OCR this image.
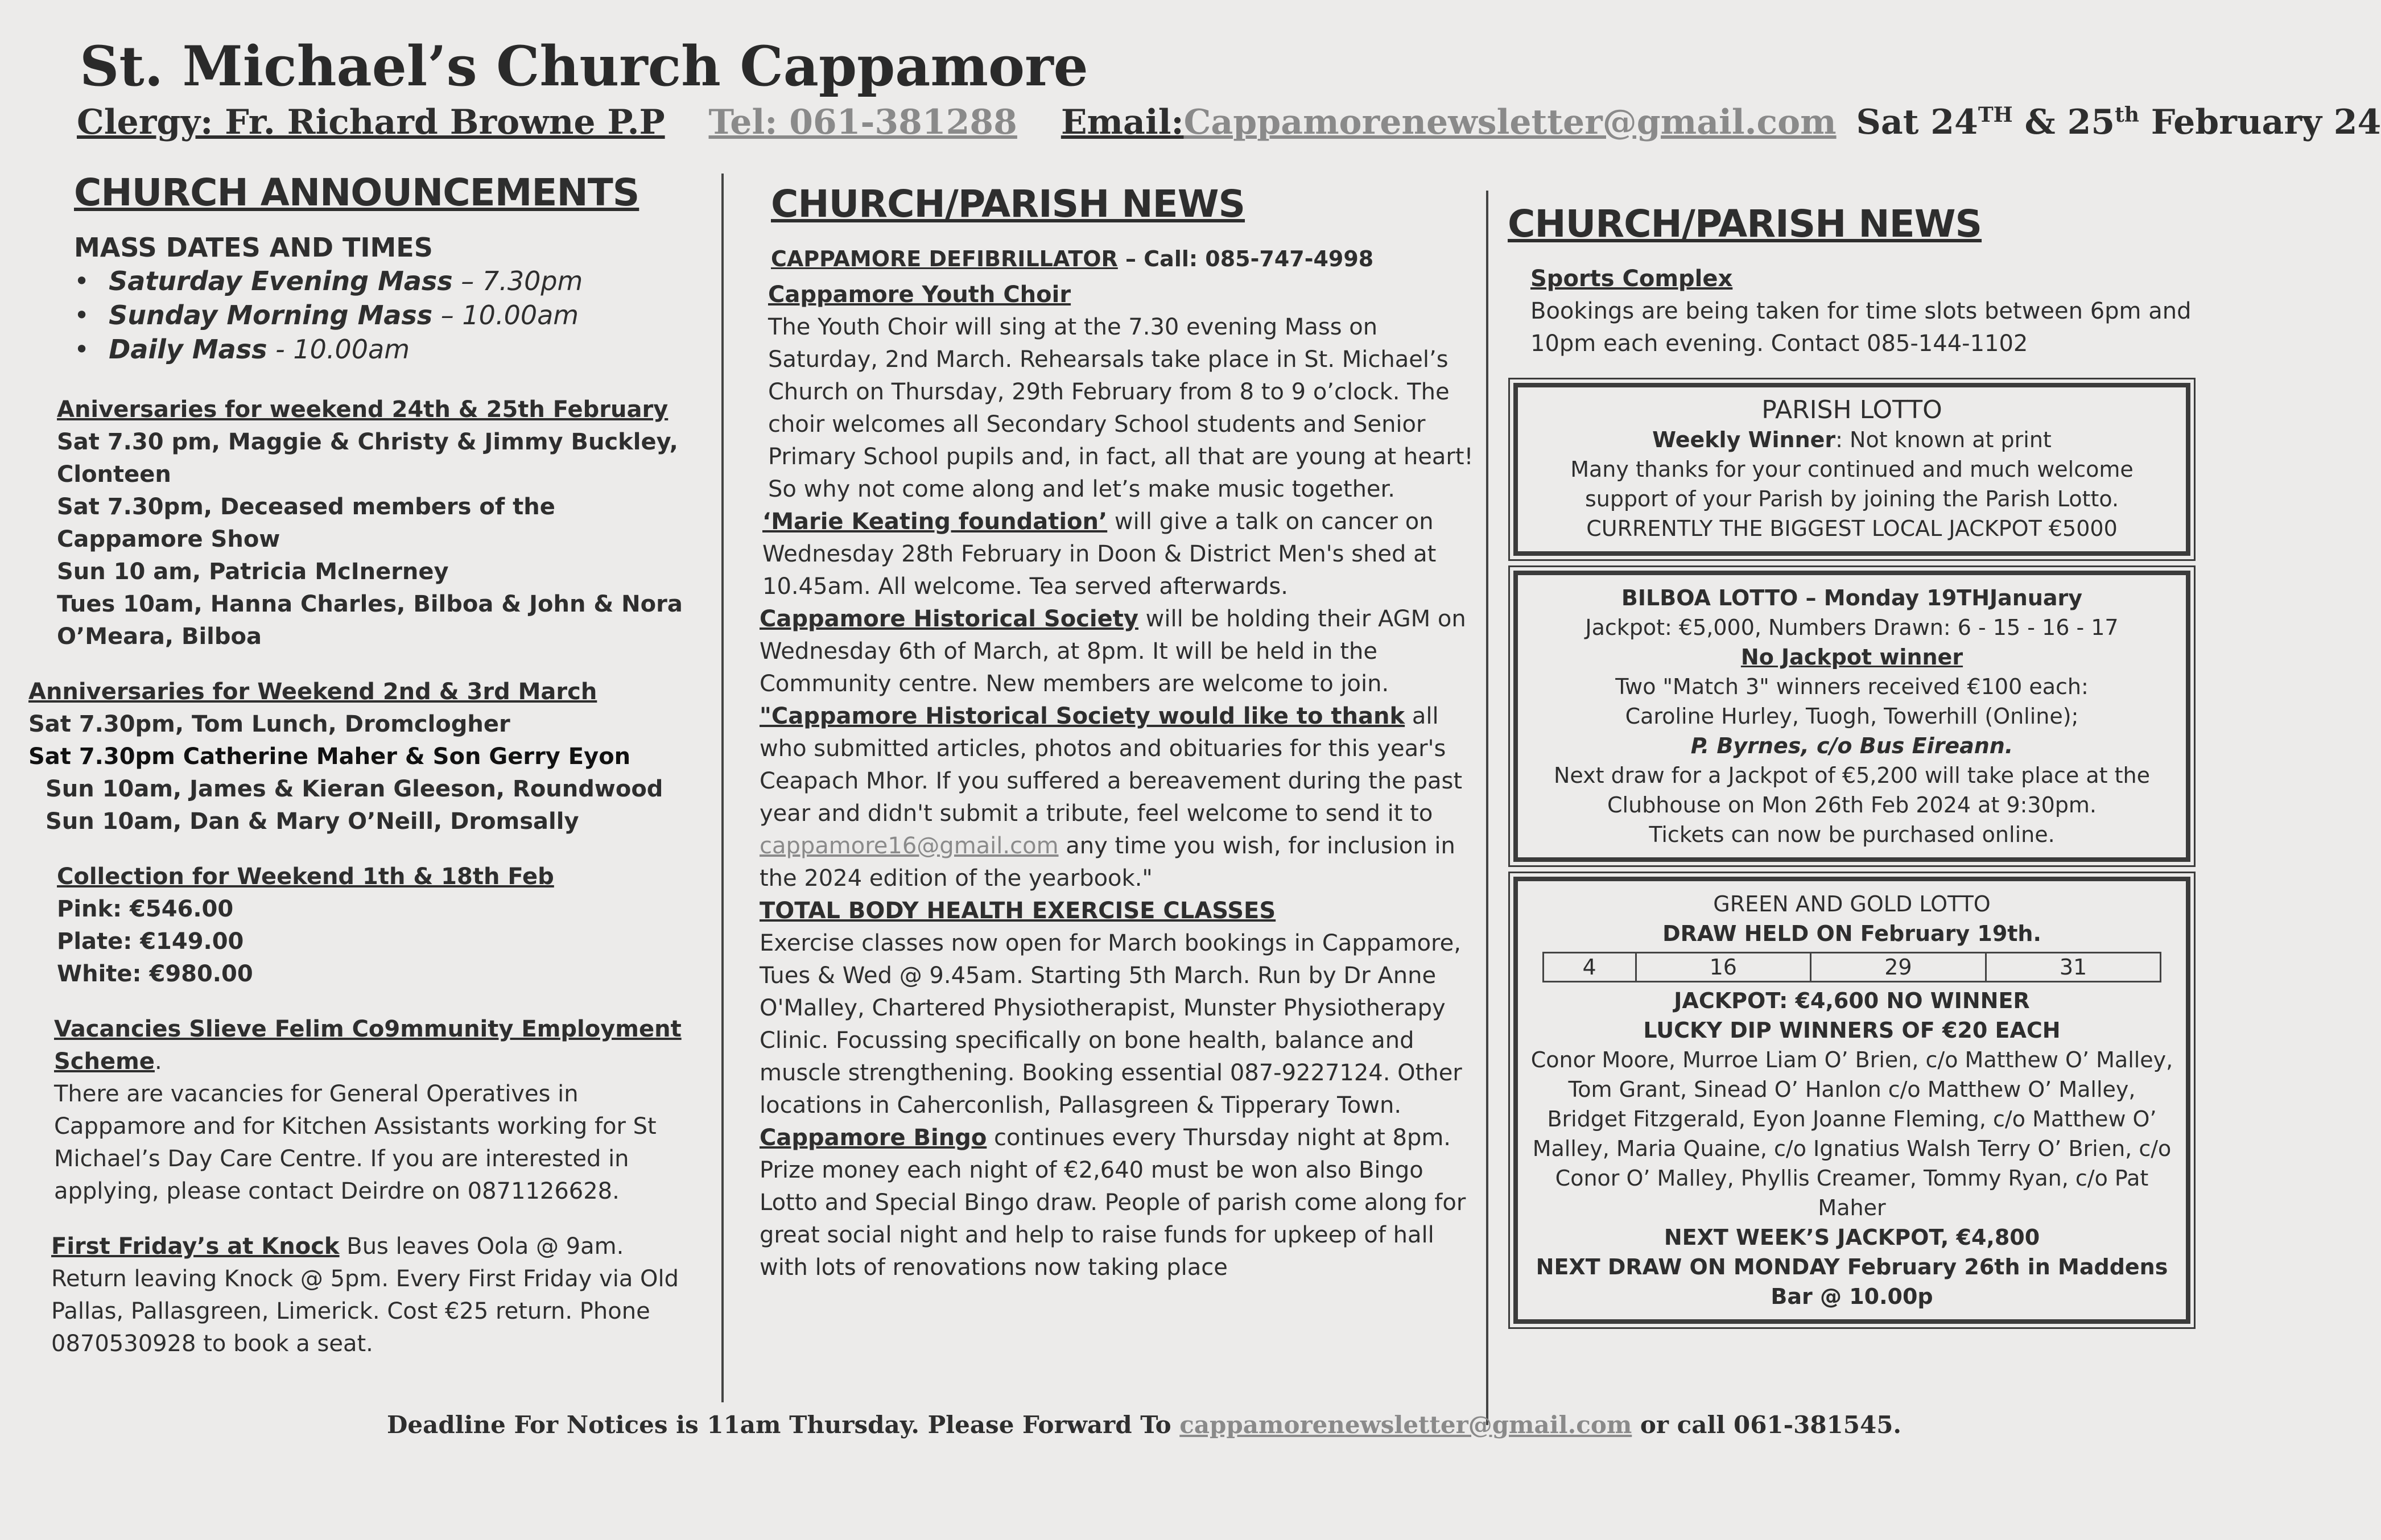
St. Michael’s Church Cappamore
Clergy: Fr. Richard Browne P.P Tel: 061-381288 Email:Cappamorenewsletter@gmail.com Sat 24TH & 25th February 24
CHURCH ANNOUNCEMENTS
MASS DATES AND TIMES
• Saturday Evening Mass – 7.30pm
• Sunday Morning Mass – 10.00am
• Daily Mass - 10.00am
Aniversaries for weekend 24th & 25th February
Sat 7.30 pm, Maggie & Christy & Jimmy Buckley, Clonteen
Sat 7.30pm, Deceased members of the Cappamore Show
Sun 10 am, Patricia McInerney
Tues 10am, Hanna Charles, Bilboa & John & Nora O’Meara, Bilboa
Anniversaries for Weekend 2nd & 3rd March
Sat 7.30pm, Tom Lunch, Dromclogher
Sat 7.30pm Catherine Maher & Son Gerry Eyon
Sun 10am, James & Kieran Gleeson, Roundwood
Sun 10am, Dan & Mary O’Neill, Dromsally
Collection for Weekend 1th & 18th Feb
Pink: €546.00
Plate: €149.00
White: €980.00
Vacancies Slieve Felim Co9mmunity Employment Scheme.
There are vacancies for General Operatives in Cappamore and for Kitchen Assistants working for St Michael’s Day Care Centre. If you are interested in applying, please contact Deirdre on 0871126628.
First Friday’s at Knock Bus leaves Oola @ 9am. Return leaving Knock @ 5pm. Every First Friday via Old Pallas, Pallasgreen, Limerick. Cost €25 return. Phone 0870530928 to book a seat.
CHURCH/PARISH NEWS
CAPPAMORE DEFIBRILLATOR – Call: 085-747-4998
Cappamore Youth Choir
The Youth Choir will sing at the 7.30 evening Mass on Saturday, 2nd March. Rehearsals take place in St. Michael’s Church on Thursday, 29th February from 8 to 9 o’clock. The choir welcomes all Secondary School students and Senior Primary School pupils and, in fact, all that are young at heart! So why not come along and let’s make music together.
‘Marie Keating foundation’ will give a talk on cancer on Wednesday 28th February in Doon & District Men's shed at 10.45am. All welcome. Tea served afterwards.
Cappamore Historical Society will be holding their AGM on Wednesday 6th of March, at 8pm. It will be held in the Community centre. New members are welcome to join.
"Cappamore Historical Society would like to thank all who submitted articles, photos and obituaries for this year's Ceapach Mhor. If you suffered a bereavement during the past year and didn't submit a tribute, feel welcome to send it to cappamore16@gmail.com any time you wish, for inclusion in the 2024 edition of the yearbook."
TOTAL BODY HEALTH EXERCISE CLASSES
Exercise classes now open for March bookings in Cappamore, Tues & Wed @ 9.45am. Starting 5th March. Run by Dr Anne O'Malley, Chartered Physiotherapist, Munster Physiotherapy Clinic. Focussing specifically on bone health, balance and muscle strengthening. Booking essential 087-9227124. Other locations in Caherconlish, Pallasgreen & Tipperary Town.
Cappamore Bingo continues every Thursday night at 8pm. Prize money each night of €2,640 must be won also Bingo Lotto and Special Bingo draw. People of parish come along for great social night and help to raise funds for upkeep of hall with lots of renovations now taking place
CHURCH/PARISH NEWS
Sports Complex
Bookings are being taken for time slots between 6pm and 10pm each evening. Contact 085-144-1102
PARISH LOTTO
Weekly Winner: Not known at print
Many thanks for your continued and much welcome support of your Parish by joining the Parish Lotto.
CURRENTLY THE BIGGEST LOCAL JACKPOT €5000
BILBOA LOTTO – Monday 19THJanuary
Jackpot: €5,000, Numbers Drawn: 6 - 15 - 16 - 17
No Jackpot winner
Two "Match 3" winners received €100 each:
Caroline Hurley, Tuogh, Towerhill (Online);
P. Byrnes, c/o Bus Eireann.
Next draw for a Jackpot of €5,200 will take place at the Clubhouse on Mon 26th Feb 2024 at 9:30pm.
Tickets can now be purchased online.
GREEN AND GOLD LOTTO
DRAW HELD ON February 19th.
4	16	29	31
JACKPOT: €4,600 NO WINNER
LUCKY DIP WINNERS OF €20 EACH
Conor Moore, Murroe Liam O’ Brien, c/o Matthew O’ Malley, Tom Grant, Sinead O’ Hanlon c/o Matthew O’ Malley, Bridget Fitzgerald, Eyon Joanne Fleming, c/o Matthew O’ Malley, Maria Quaine, c/o Ignatius Walsh Terry O’ Brien, c/o Conor O’ Malley, Phyllis Creamer, Tommy Ryan, c/o Pat Maher
NEXT WEEK’S JACKPOT, €4,800
NEXT DRAW ON MONDAY February 26th in Maddens Bar @ 10.00p
Deadline For Notices is 11am Thursday. Please Forward To cappamorenewsletter@gmail.com or call 061-381545.
